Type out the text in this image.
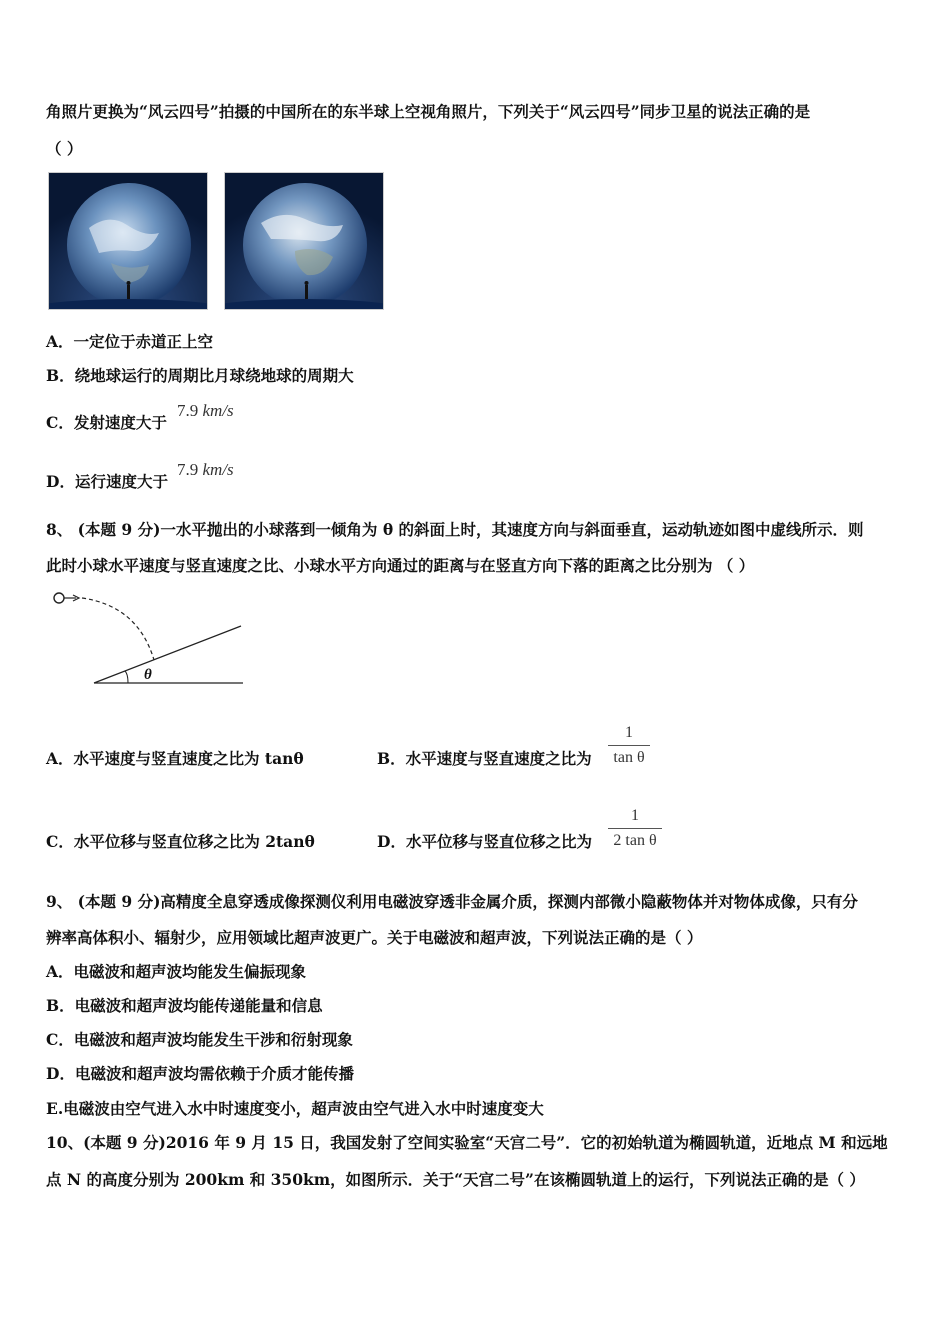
角照片更换为“风云四号”拍摄的中国所在的东半球上空视角照片，下列关于“风云四号”同步卫星的说法正确的是
（ ）
A．一定位于赤道正上空
B．绕地球运行的周期比月球绕地球的周期大
C．发射速度大于
7.9 km/s
D．运行速度大于
7.9 km/s
8、 (本题 9 分)一水平抛出的小球落到一倾角为 θ 的斜面上时，其速度方向与斜面垂直，运动轨迹如图中虚线所示．则
此时小球水平速度与竖直速度之比、小球水平方向通过的距离与在竖直方向下落的距离之比分别为 （ ）
θ
A．水平速度与竖直速度之比为 tanθ	B．水平速度与竖直速度之比为
1
tan θ
C．水平位移与竖直位移之比为 2tanθ	D．水平位移与竖直位移之比为
1
2 tan θ
9、 (本题 9 分)高精度全息穿透成像探测仪利用电磁波穿透非金属介质，探测内部微小隐蔽物体并对物体成像，只有分
辨率高体积小、辐射少，应用领域比超声波更广。关于电磁波和超声波，下列说法正确的是（ ）
A．电磁波和超声波均能发生偏振现象
B．电磁波和超声波均能传递能量和信息
C．电磁波和超声波均能发生干涉和衍射现象
D．电磁波和超声波均需依赖于介质才能传播
E.电磁波由空气进入水中时速度变小，超声波由空气进入水中时速度变大
10、(本题 9 分)2016 年 9 月 15 日，我国发射了空间实验室“天宫二号”．它的初始轨道为椭圆轨道，近地点 M 和远地
点 N 的高度分别为 200km 和 350km，如图所示．关于“天宫二号”在该椭圆轨道上的运行，下列说法正确的是（ ）
